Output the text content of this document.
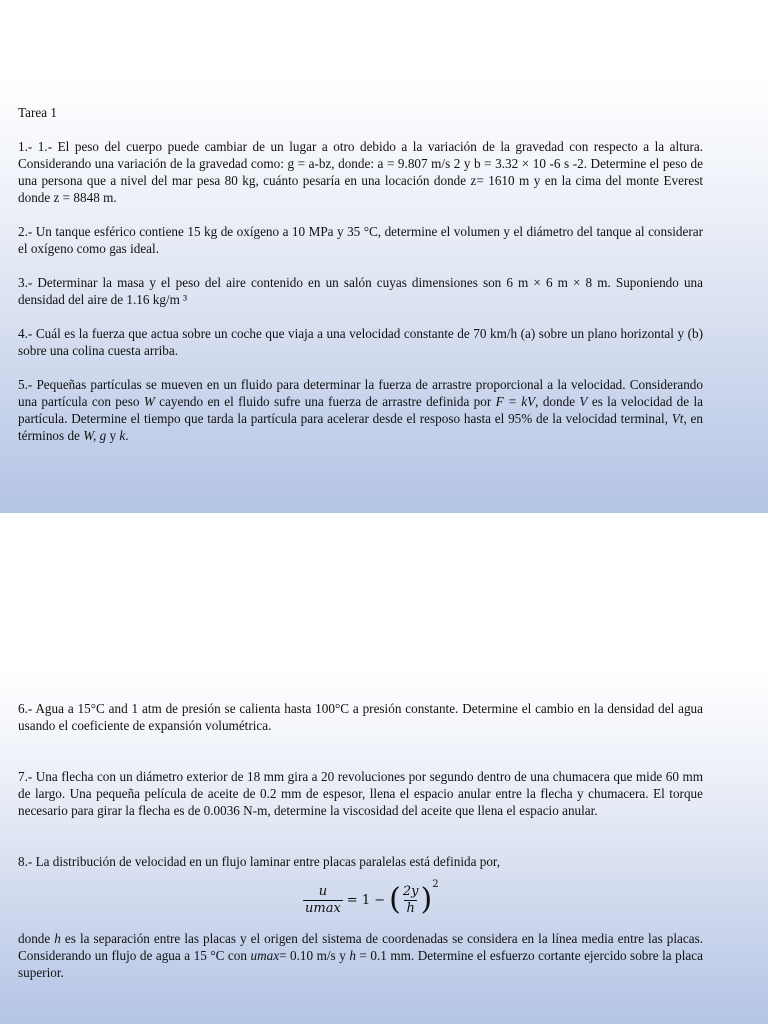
Tarea 1

1.- 1.- El peso del cuerpo puede cambiar de un lugar a otro debido a la variación de la gravedad con respecto a la altura. Considerando una variación de la gravedad como: g = a-bz, donde: a = 9.807 m/s 2 y b = 3.32 × 10 -6 s -2. Determine el peso de una persona que a nivel del mar pesa 80 kg, cuánto pesaría en una locación donde z= 1610 m y en la cima del monte Everest donde z = 8848 m.

2.- Un tanque esférico contiene 15 kg de oxígeno a 10 MPa y 35 °C, determine el volumen y el diámetro del tanque al considerar el oxígeno como gas ideal.

3.- Determinar la masa y el peso del aire contenido en un salón cuyas dimensiones son 6 m × 6 m × 8 m. Suponiendo una densidad del aire de 1.16 kg/m ³

4.- Cuál es la fuerza que actua sobre un coche que viaja a una velocidad constante de 70 km/h (a) sobre un plano horizontal y (b) sobre una colina cuesta arriba.

5.- Pequeñas partículas se mueven en un fluido para determinar la fuerza de arrastre proporcional a la velocidad. Considerando una partícula con peso W cayendo en el fluido sufre una fuerza de arrastre definida por F = kV, donde V es la velocidad de la partícula. Determine el tiempo que tarda la partícula para acelerar desde el resposo hasta el 95% de la velocidad terminal, Vt, en términos de W, g y k.

6.- Agua a 15°C and 1 atm de presión se calienta hasta 100°C a presión constante. Determine el cambio en la densidad del agua usando el coeficiente de expansión volumétrica.

7.- Una flecha con un diámetro exterior de 18 mm gira a 20 revoluciones por segundo dentro de una chumacera que mide 60 mm de largo. Una pequeña película de aceite de 0.2 mm de espesor, llena el espacio anular entre la flecha y chumacera. El torque necesario para girar la flecha es de 0.0036 N-m, determine la viscosidad del aceite que llena el espacio anular.

8.- La distribución de velocidad en un flujo laminar entre placas paralelas está definida por,

$\frac{u}{umax} = 1$ − ( $\frac{2y}{h}$ ) 2

donde h es la separación entre las placas y el origen del sistema de coordenadas se considera en la línea media entre las placas. Considerando un flujo de agua a 15 °C con umax= 0.10 m/s y h = 0.1 mm. Determine el esfuerzo cortante ejercido sobre la placa superior.
